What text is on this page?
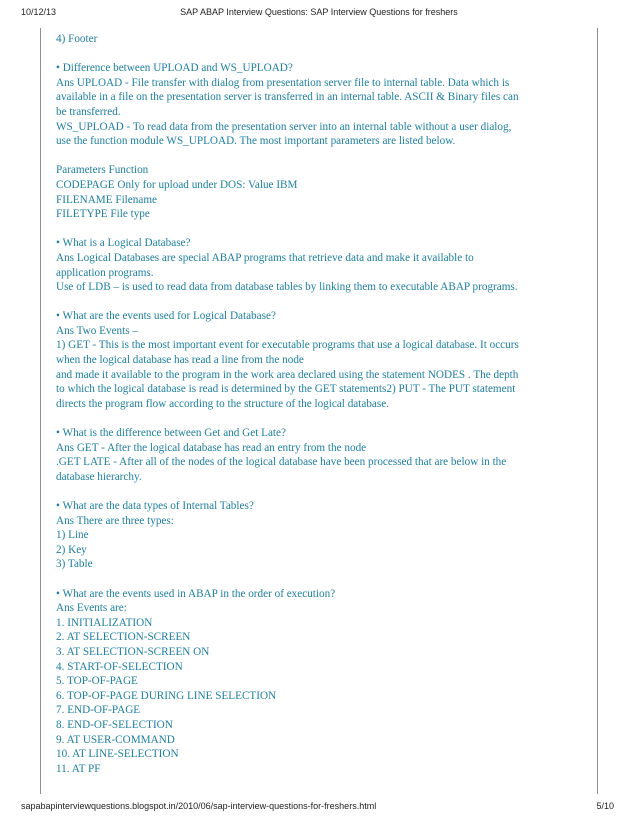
10/12/13	SAP ABAP Interview Questions: SAP Interview Questions for freshers

4) Footer

• Difference between UPLOAD and WS_UPLOAD?

Ans UPLOAD - File transfer with dialog from presentation server file to internal table. Data which is

available in a file on the presentation server is transferred in an internal table. ASCII & Binary files can

be transferred.

WS_UPLOAD - To read data from the presentation server into an internal table without a user dialog,

use the function module WS_UPLOAD. The most important parameters are listed below.

Parameters Function

CODEPAGE Only for upload under DOS: Value IBM

FILENAME Filename

FILETYPE File type

• What is a Logical Database?

Ans Logical Databases are special ABAP programs that retrieve data and make it available to

application programs.

Use of LDB – is used to read data from database tables by linking them to executable ABAP programs.

• What are the events used for Logical Database?

Ans Two Events –

1) GET - This is the most important event for executable programs that use a logical database. It occurs

when the logical database has read a line from the node

and made it available to the program in the work area declared using the statement NODES . The depth

to which the logical database is read is determined by the GET statements2) PUT - The PUT statement

directs the program flow according to the structure of the logical database.

• What is the difference between Get and Get Late?

Ans GET - After the logical database has read an entry from the node

.GET LATE - After all of the nodes of the logical database have been processed that are below in the

database hierarchy.

• What are the data types of Internal Tables?

Ans There are three types:

1) Line

2) Key

3) Table

• What are the events used in ABAP in the order of execution?

Ans Events are:

1. INITIALIZATION

2. AT SELECTION-SCREEN

3. AT SELECTION-SCREEN ON

4. START-OF-SELECTION

5. TOP-OF-PAGE

6. TOP-OF-PAGE DURING LINE SELECTION

7. END-OF-PAGE

8. END-OF-SELECTION

9. AT USER-COMMAND

10. AT LINE-SELECTION

11. AT PF

sapabapinterviewquestions.blogspot.in/2010/06/sap-interview-questions-for-freshers.html	5/10
